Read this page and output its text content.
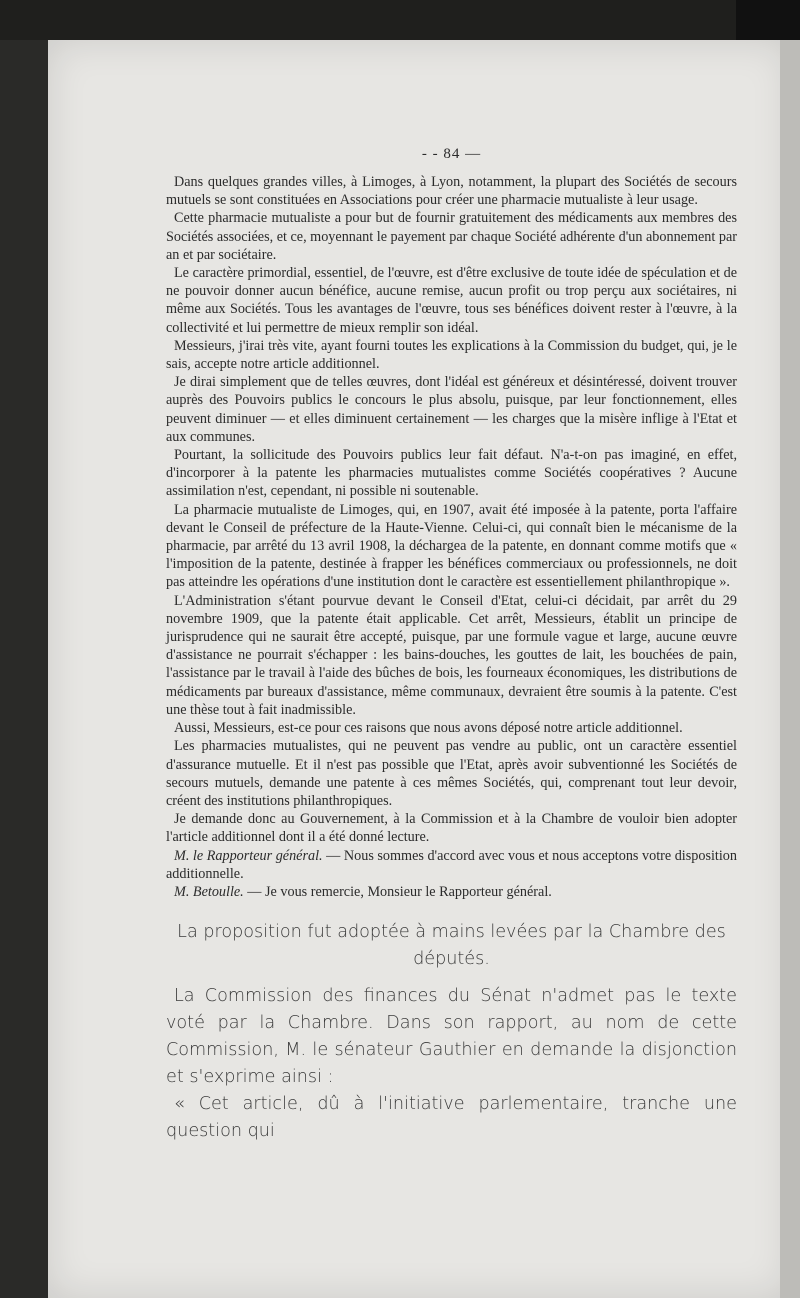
- - 84 —

Dans quelques grandes villes, à Limoges, à Lyon, notamment, la plupart des Sociétés de secours mutuels se sont constituées en Associations pour créer une pharmacie mutualiste à leur usage.

Cette pharmacie mutualiste a pour but de fournir gratuitement des médicaments aux membres des Sociétés associées, et ce, moyennant le payement par chaque Société adhérente d'un abonnement par an et par sociétaire.

Le caractère primordial, essentiel, de l'œuvre, est d'être exclusive de toute idée de spéculation et de ne pouvoir donner aucun bénéfice, aucune remise, aucun profit ou trop perçu aux sociétaires, ni même aux Sociétés. Tous les avantages de l'œuvre, tous ses bénéfices doivent rester à l'œuvre, à la collectivité et lui permettre de mieux remplir son idéal.

Messieurs, j'irai très vite, ayant fourni toutes les explications à la Commission du budget, qui, je le sais, accepte notre article additionnel.

Je dirai simplement que de telles œuvres, dont l'idéal est généreux et désintéressé, doivent trouver auprès des Pouvoirs publics le concours le plus absolu, puisque, par leur fonctionnement, elles peuvent diminuer — et elles diminuent certainement — les charges que la misère inflige à l'Etat et aux communes.

Pourtant, la sollicitude des Pouvoirs publics leur fait défaut. N'a-t-on pas imaginé, en effet, d'incorporer à la patente les pharmacies mutualistes comme Sociétés coopératives ? Aucune assimilation n'est, cependant, ni possible ni soutenable.

La pharmacie mutualiste de Limoges, qui, en 1907, avait été imposée à la patente, porta l'affaire devant le Conseil de préfecture de la Haute-Vienne. Celui-ci, qui connaît bien le mécanisme de la pharmacie, par arrêté du 13 avril 1908, la déchargea de la patente, en donnant comme motifs que « l'imposition de la patente, destinée à frapper les bénéfices commerciaux ou professionnels, ne doit pas atteindre les opérations d'une institution dont le caractère est essentiellement philanthropique ».

L'Administration s'étant pourvue devant le Conseil d'Etat, celui-ci décidait, par arrêt du 29 novembre 1909, que la patente était applicable. Cet arrêt, Messieurs, établit un principe de jurisprudence qui ne saurait être accepté, puisque, par une formule vague et large, aucune œuvre d'assistance ne pourrait s'échapper : les bains-douches, les gouttes de lait, les bouchées de pain, l'assistance par le travail à l'aide des bûches de bois, les fourneaux économiques, les distributions de médicaments par bureaux d'assistance, même communaux, devraient être soumis à la patente. C'est une thèse tout à fait inadmissible.

Aussi, Messieurs, est-ce pour ces raisons que nous avons déposé notre article additionnel.

Les pharmacies mutualistes, qui ne peuvent pas vendre au public, ont un caractère essentiel d'assurance mutuelle. Et il n'est pas possible que l'Etat, après avoir subventionné les Sociétés de secours mutuels, demande une patente à ces mêmes Sociétés, qui, comprenant tout leur devoir, créent des institutions philanthropiques.

Je demande donc au Gouvernement, à la Commission et à la Chambre de vouloir bien adopter l'article additionnel dont il a été donné lecture.

M. le Rapporteur général. — Nous sommes d'accord avec vous et nous acceptons votre disposition additionnelle.

M. Betoulle. — Je vous remercie, Monsieur le Rapporteur général.

La proposition fut adoptée à mains levées par la Chambre des députés.

La Commission des finances du Sénat n'admet pas le texte voté par la Chambre. Dans son rapport, au nom de cette Commission, M. le sénateur Gauthier en demande la disjonction et s'exprime ainsi :

« Cet article, dû à l'initiative parlementaire, tranche une question qui
